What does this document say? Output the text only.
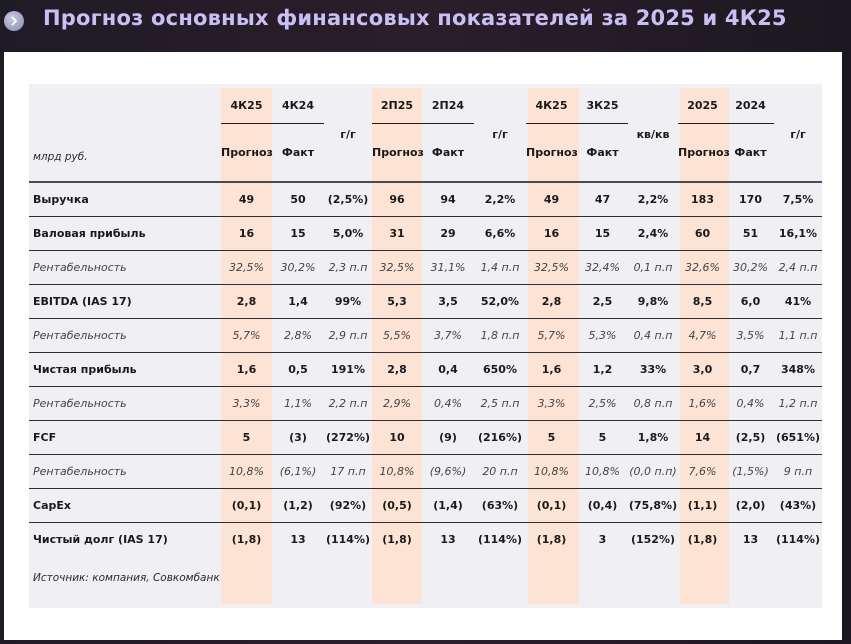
Прогноз основных финансовых показателей за 2025 и 4К25
млрд руб.	4К25	4К24	г/г	2П25	2П24	г/г	4К25	3К25	кв/кв	2025	2024	г/г
	Прогноз	Факт		Прогноз	Факт		Прогноз	Факт		Прогноз	Факт	

Выручка	49	50	(2,5%)	96	94	2,2%	49	47	2,2%	183	170	7,5%
Валовая прибыль	16	15	5,0%	31	29	6,6%	16	15	2,4%	60	51	16,1%
Рентабельность	32,5%	30,2%	2,3 п.п	32,5%	31,1%	1,4 п.п	32,5%	32,4%	0,1 п.п	32,6%	30,2%	2,4 п.п
EBITDA (IAS 17)	2,8	1,4	99%	5,3	3,5	52,0%	2,8	2,5	9,8%	8,5	6,0	41%
Рентабельность	5,7%	2,8%	2,9 п.п	5,5%	3,7%	1,8 п.п	5,7%	5,3%	0,4 п.п	4,7%	3,5%	1,1 п.п
Чистая прибыль	1,6	0,5	191%	2,8	0,4	650%	1,6	1,2	33%	3,0	0,7	348%
Рентабельность	3,3%	1,1%	2,2 п.п	2,9%	0,4%	2,5 п.п	3,3%	2,5%	0,8 п.п	1,6%	0,4%	1,2 п.п
FCF	5	(3)	(272%)	10	(9)	(216%)	5	5	1,8%	14	(2,5)	(651%)
Рентабельность	10,8%	(6,1%)	17 п.п	10,8%	(9,6%)	20 п.п	10,8%	10,8%	(0,0 п.п)	7,6%	(1,5%)	9 п.п
CapEx	(0,1)	(1,2)	(92%)	(0,5)	(1,4)	(63%)	(0,1)	(0,4)	(75,8%)	(1,1)	(2,0)	(43%)
Чистый долг (IAS 17)	(1,8)	13	(114%)	(1,8)	13	(114%)	(1,8)	3	(152%)	(1,8)	13	(114%)
Источник: компания, Совкомбанк
